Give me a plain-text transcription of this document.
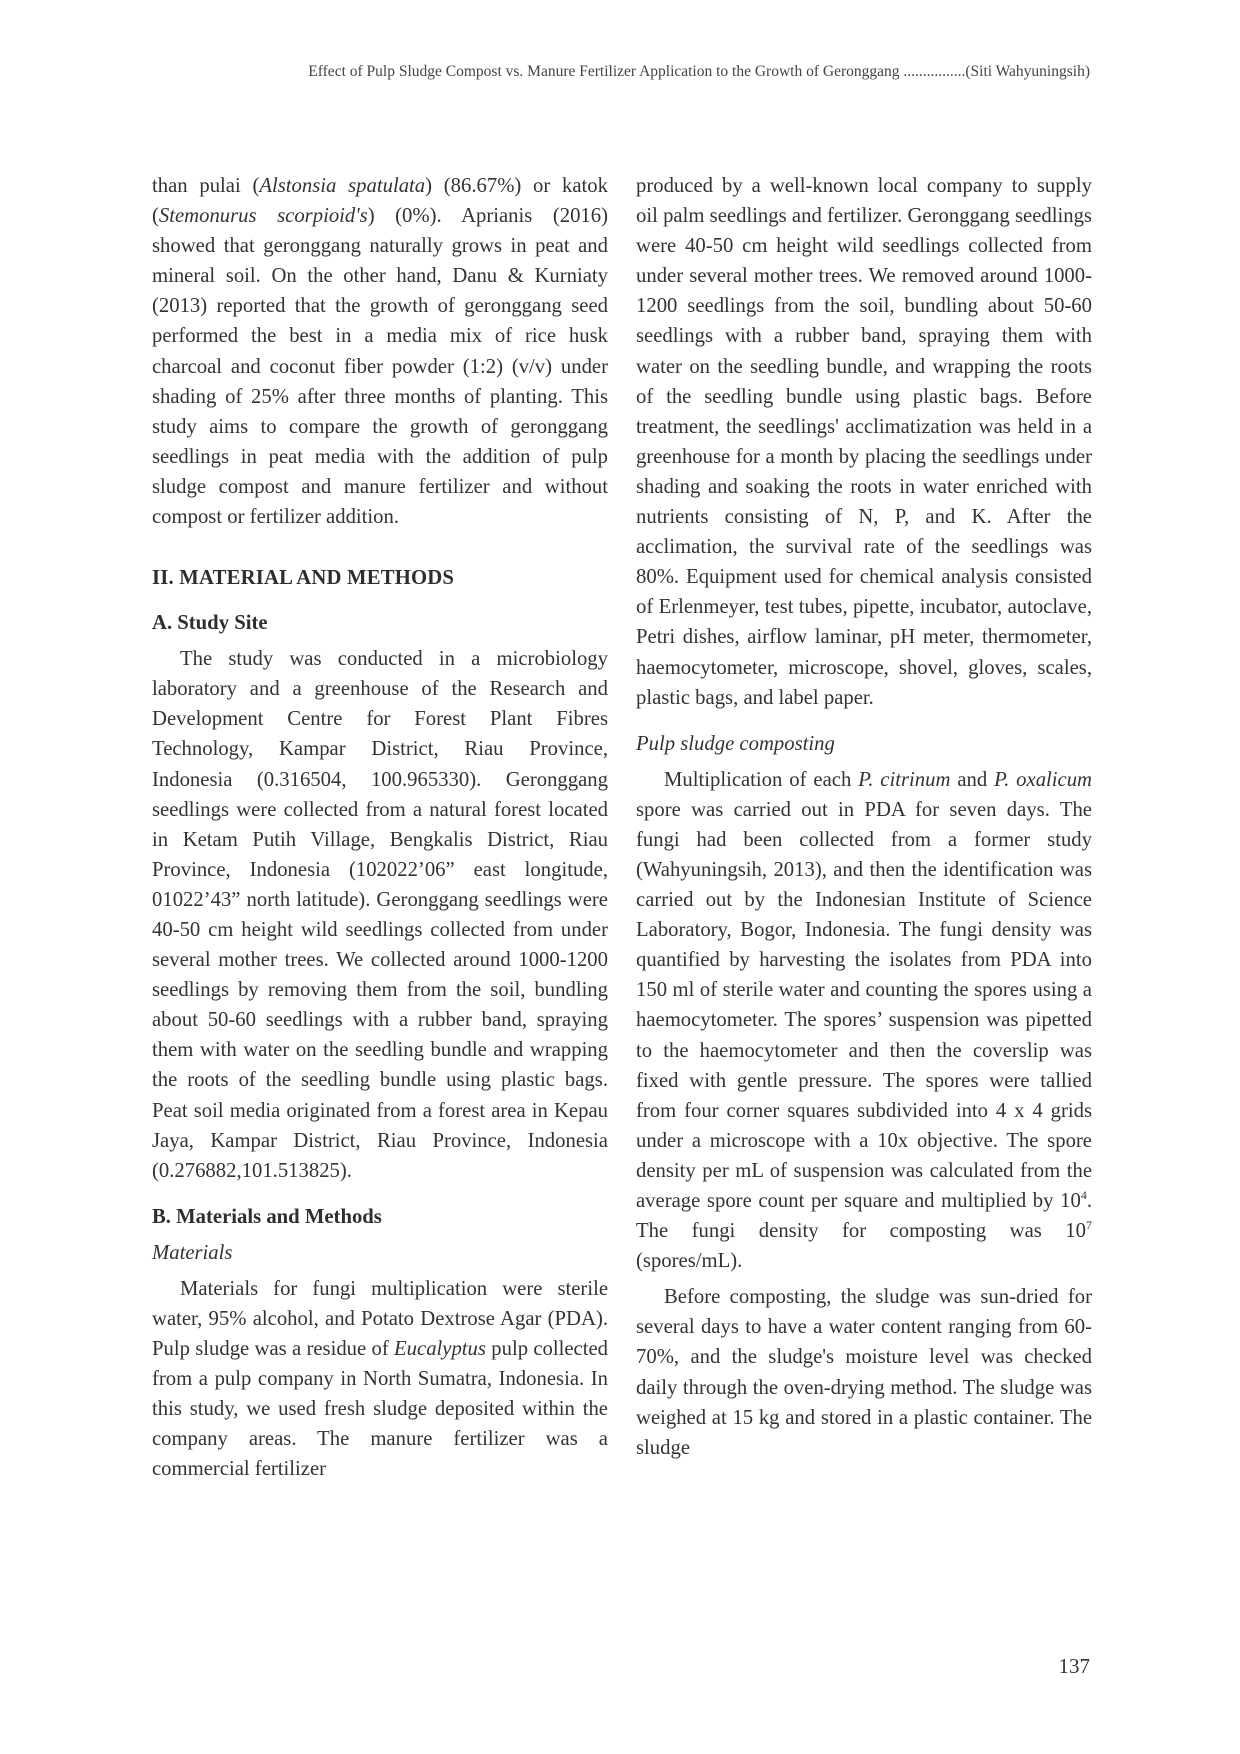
Effect of Pulp Sludge Compost vs. Manure Fertilizer Application to the Growth of Geronggang ................(Siti Wahyuningsih)

than pulai (Alstonsia spatulata) (86.67%) or katok (Stemonurus scorpioid's) (0%). Aprianis (2016) showed that geronggang naturally grows in peat and mineral soil. On the other hand, Danu & Kurniaty (2013) reported that the growth of geronggang seed performed the best in a media mix of rice husk charcoal and coconut fiber powder (1:2) (v/v) under shading of 25% after three months of planting. This study aims to compare the growth of geronggang seedlings in peat media with the addition of pulp sludge compost and manure fertilizer and without compost or fertilizer addition.

II. MATERIAL AND METHODS
A. Study Site

The study was conducted in a microbiology laboratory and a greenhouse of the Research and Development Centre for Forest Plant Fibres Technology, Kampar District, Riau Province, Indonesia (0.316504, 100.965330). Geronggang seedlings were collected from a natural forest located in Ketam Putih Village, Bengkalis District, Riau Province, Indonesia (102022’06” east longitude, 01022’43” north latitude). Geronggang seedlings were 40-50 cm height wild seedlings collected from under several mother trees. We collected around 1000-1200 seedlings by removing them from the soil, bundling about 50-60 seedlings with a rubber band, spraying them with water on the seedling bundle and wrapping the roots of the seedling bundle using plastic bags. Peat soil media originated from a forest area in Kepau Jaya, Kampar District, Riau Province, Indonesia (0.276882,101.513825).

B. Materials and Methods
Materials

Materials for fungi multiplication were sterile water, 95% alcohol, and Potato Dextrose Agar (PDA). Pulp sludge was a residue of Eucalyptus pulp collected from a pulp company in North Sumatra, Indonesia. In this study, we used fresh sludge deposited within the company areas. The manure fertilizer was a commercial fertilizer

produced by a well-known local company to supply oil palm seedlings and fertilizer. Geronggang seedlings were 40-50 cm height wild seedlings collected from under several mother trees. We removed around 1000-1200 seedlings from the soil, bundling about 50-60 seedlings with a rubber band, spraying them with water on the seedling bundle, and wrapping the roots of the seedling bundle using plastic bags. Before treatment, the seedlings' acclimatization was held in a greenhouse for a month by placing the seedlings under shading and soaking the roots in water enriched with nutrients consisting of N, P, and K. After the acclimation, the survival rate of the seedlings was 80%. Equipment used for chemical analysis consisted of Erlenmeyer, test tubes, pipette, incubator, autoclave, Petri dishes, airflow laminar, pH meter, thermometer, haemocytometer, microscope, shovel, gloves, scales, plastic bags, and label paper.

Pulp sludge composting

Multiplication of each P. citrinum and P. oxalicum spore was carried out in PDA for seven days. The fungi had been collected from a former study (Wahyuningsih, 2013), and then the identification was carried out by the Indonesian Institute of Science Laboratory, Bogor, Indonesia. The fungi density was quantified by harvesting the isolates from PDA into 150 ml of sterile water and counting the spores using a haemocytometer. The spores’ suspension was pipetted to the haemocytometer and then the coverslip was fixed with gentle pressure. The spores were tallied from four corner squares subdivided into 4 x 4 grids under a microscope with a 10x objective. The spore density per mL of suspension was calculated from the average spore count per square and multiplied by $10^4$. The fungi density for composting was $10^7$ (spores/mL).

Before composting, the sludge was sun-dried for several days to have a water content ranging from 60-70%, and the sludge's moisture level was checked daily through the oven-drying method. The sludge was weighed at 15 kg and stored in a plastic container. The sludge

137
